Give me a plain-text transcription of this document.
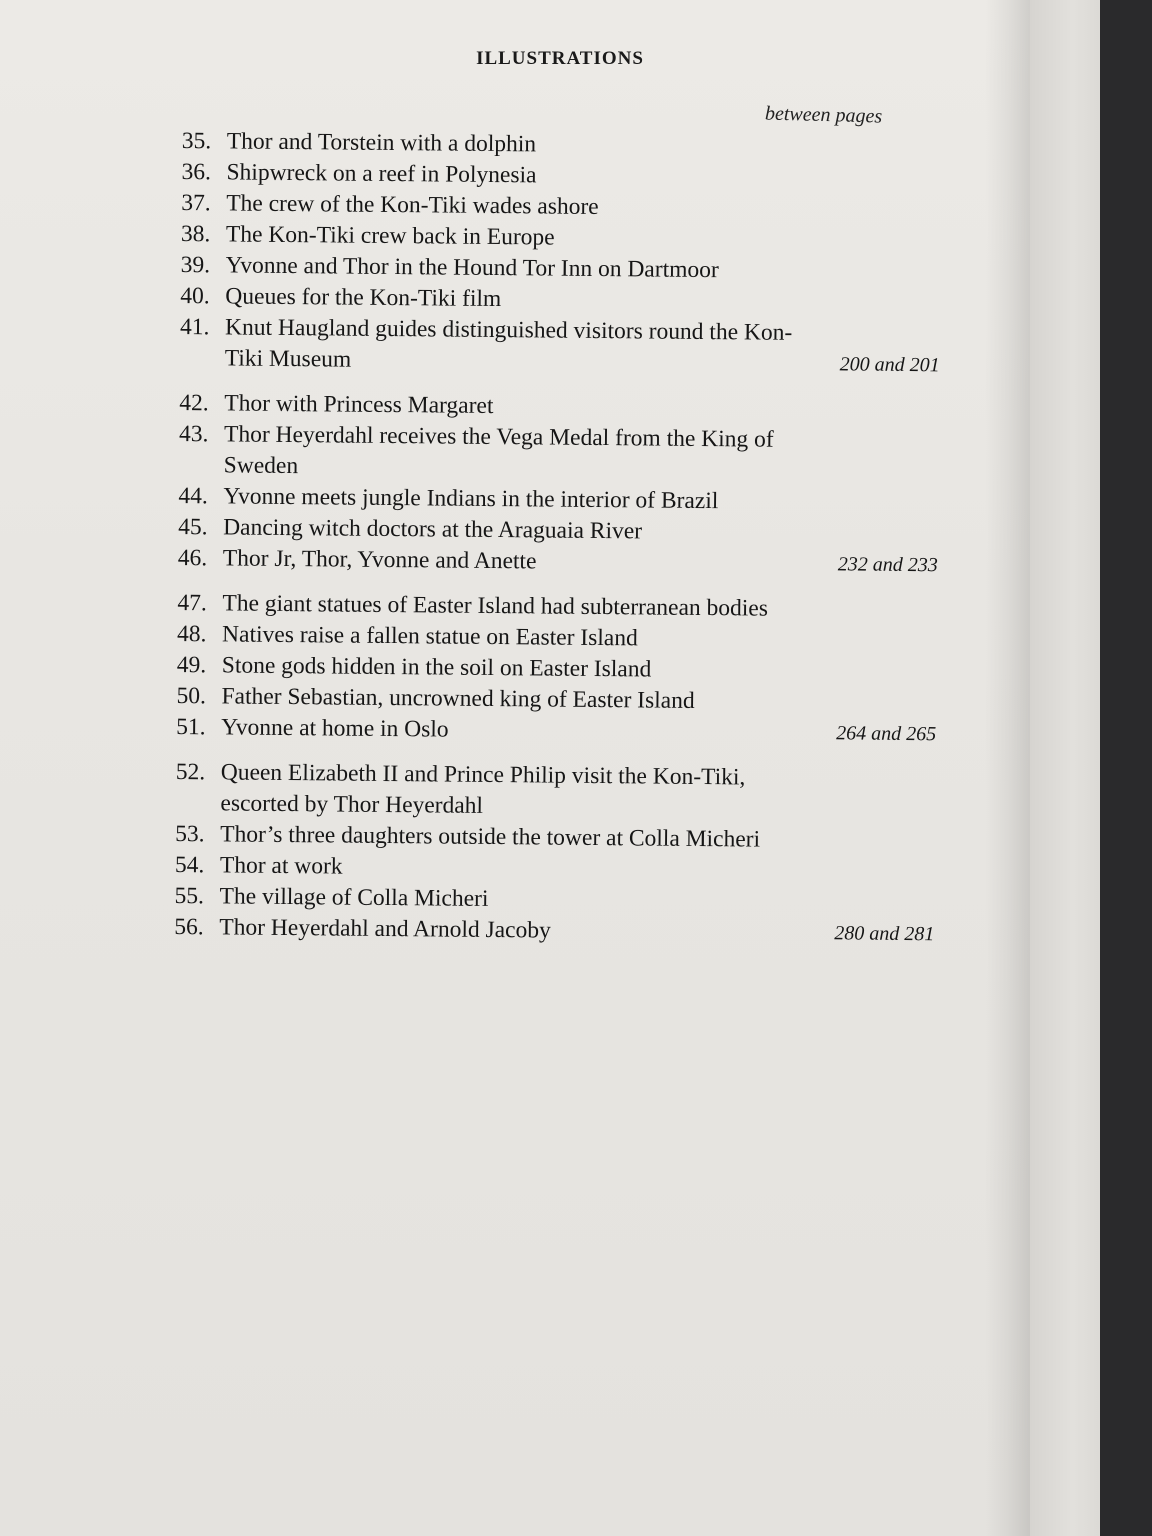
ILLUSTRATIONS
between pages
35. Thor and Torstein with a dolphin
36. Shipwreck on a reef in Polynesia
37. The crew of the Kon-Tiki wades ashore
38. The Kon-Tiki crew back in Europe
39. Yvonne and Thor in the Hound Tor Inn on Dartmoor
40. Queues for the Kon-Tiki film
41. Knut Haugland guides distinguished visitors round the Kon-Tiki Museum	200 and 201
42. Thor with Princess Margaret
43. Thor Heyerdahl receives the Vega Medal from the King of Sweden
44. Yvonne meets jungle Indians in the interior of Brazil
45. Dancing witch doctors at the Araguaia River
46. Thor Jr, Thor, Yvonne and Anette	232 and 233
47. The giant statues of Easter Island had subterranean bodies
48. Natives raise a fallen statue on Easter Island
49. Stone gods hidden in the soil on Easter Island
50. Father Sebastian, uncrowned king of Easter Island
51. Yvonne at home in Oslo	264 and 265
52. Queen Elizabeth II and Prince Philip visit the Kon-Tiki, escorted by Thor Heyerdahl
53. Thor’s three daughters outside the tower at Colla Micheri
54. Thor at work
55. The village of Colla Micheri
56. Thor Heyerdahl and Arnold Jacoby	280 and 281
